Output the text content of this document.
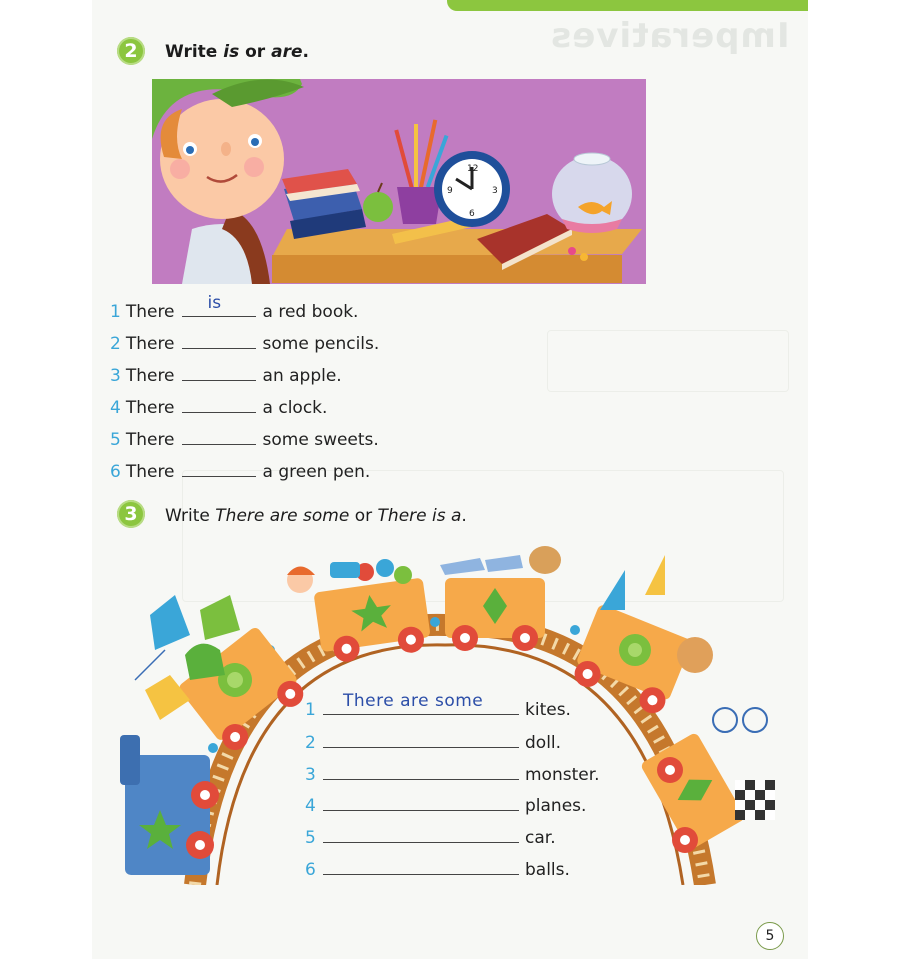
Imperatives
2	Write is or are.
12
6
9	3
1 There is a red book.
2 There	some pencils.
3 There	an apple.
4 There	a clock.
5 There	some sweets.
6 There	a green pen.
3	Write There are some or There is a.
1	There are some kites.
2	doll.
3	monster.
4	planes.
5	car.
6	balls.
5
